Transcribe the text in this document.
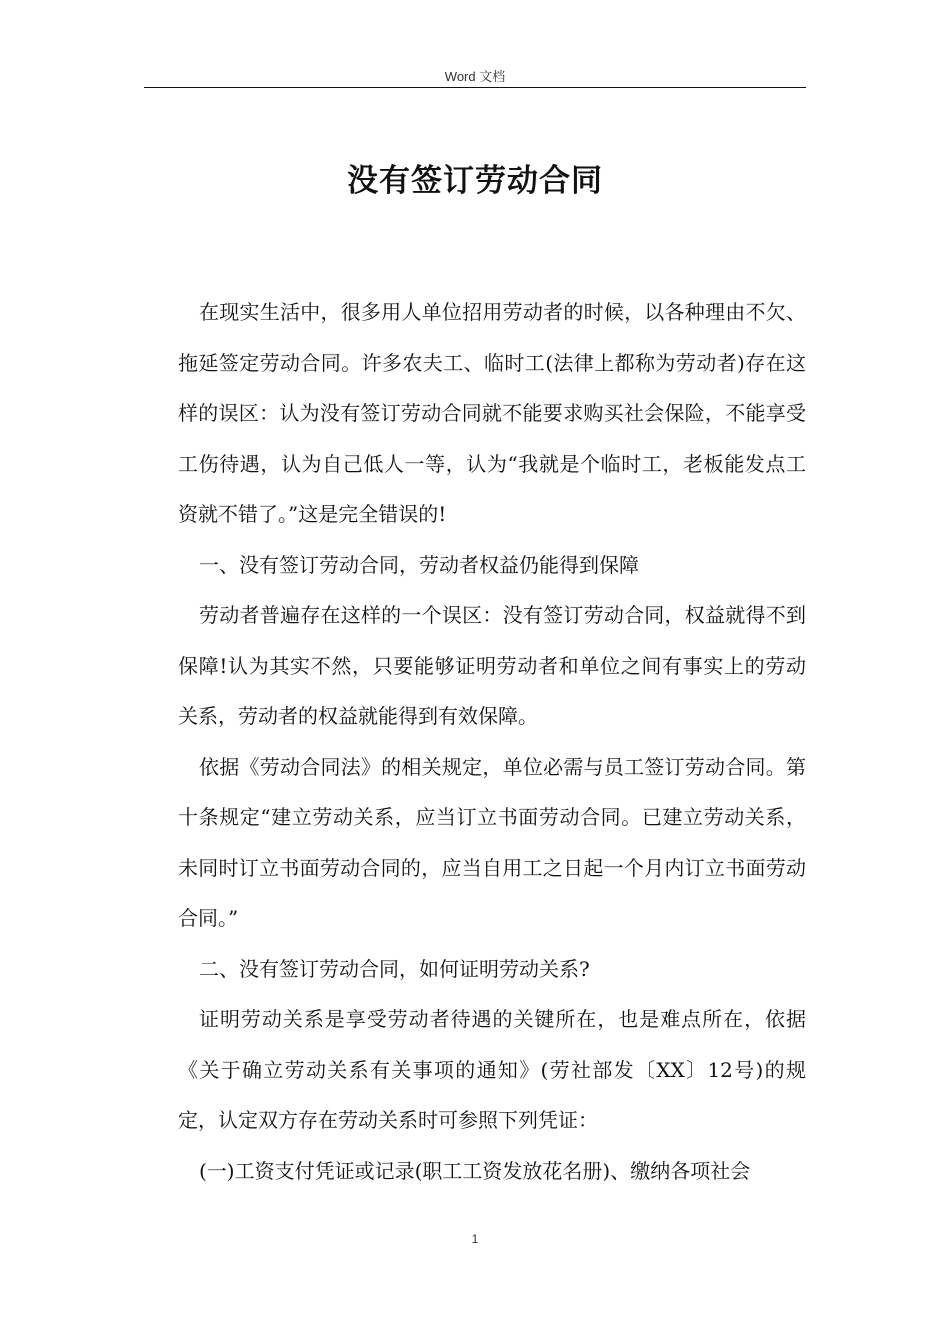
Word 文档
没有签订劳动合同

在现实生活中，很多用人单位招用劳动者的时候，以各种理由不欠、拖延签定劳动合同。许多农夫工、临时工(法律上都称为劳动者)存在这样的误区：认为没有签订劳动合同就不能要求购买社会保险，不能享受工伤待遇，认为自己低人一等，认为“我就是个临时工，老板能发点工资就不错了。”这是完全错误的!

一、没有签订劳动合同，劳动者权益仍能得到保障

劳动者普遍存在这样的一个误区：没有签订劳动合同，权益就得不到保障!认为其实不然，只要能够证明劳动者和单位之间有事实上的劳动关系，劳动者的权益就能得到有效保障。

依据《劳动合同法》的相关规定，单位必需与员工签订劳动合同。第十条规定“建立劳动关系，应当订立书面劳动合同。已建立劳动关系，未同时订立书面劳动合同的，应当自用工之日起一个月内订立书面劳动合同。”

二、没有签订劳动合同，如何证明劳动关系?

证明劳动关系是享受劳动者待遇的关键所在，也是难点所在，依据《关于确立劳动关系有关事项的通知》(劳社部发〔XX〕12号)的规定，认定双方存在劳动关系时可参照下列凭证：

(一)工资支付凭证或记录(职工工资发放花名册)、缴纳各项社会

1
